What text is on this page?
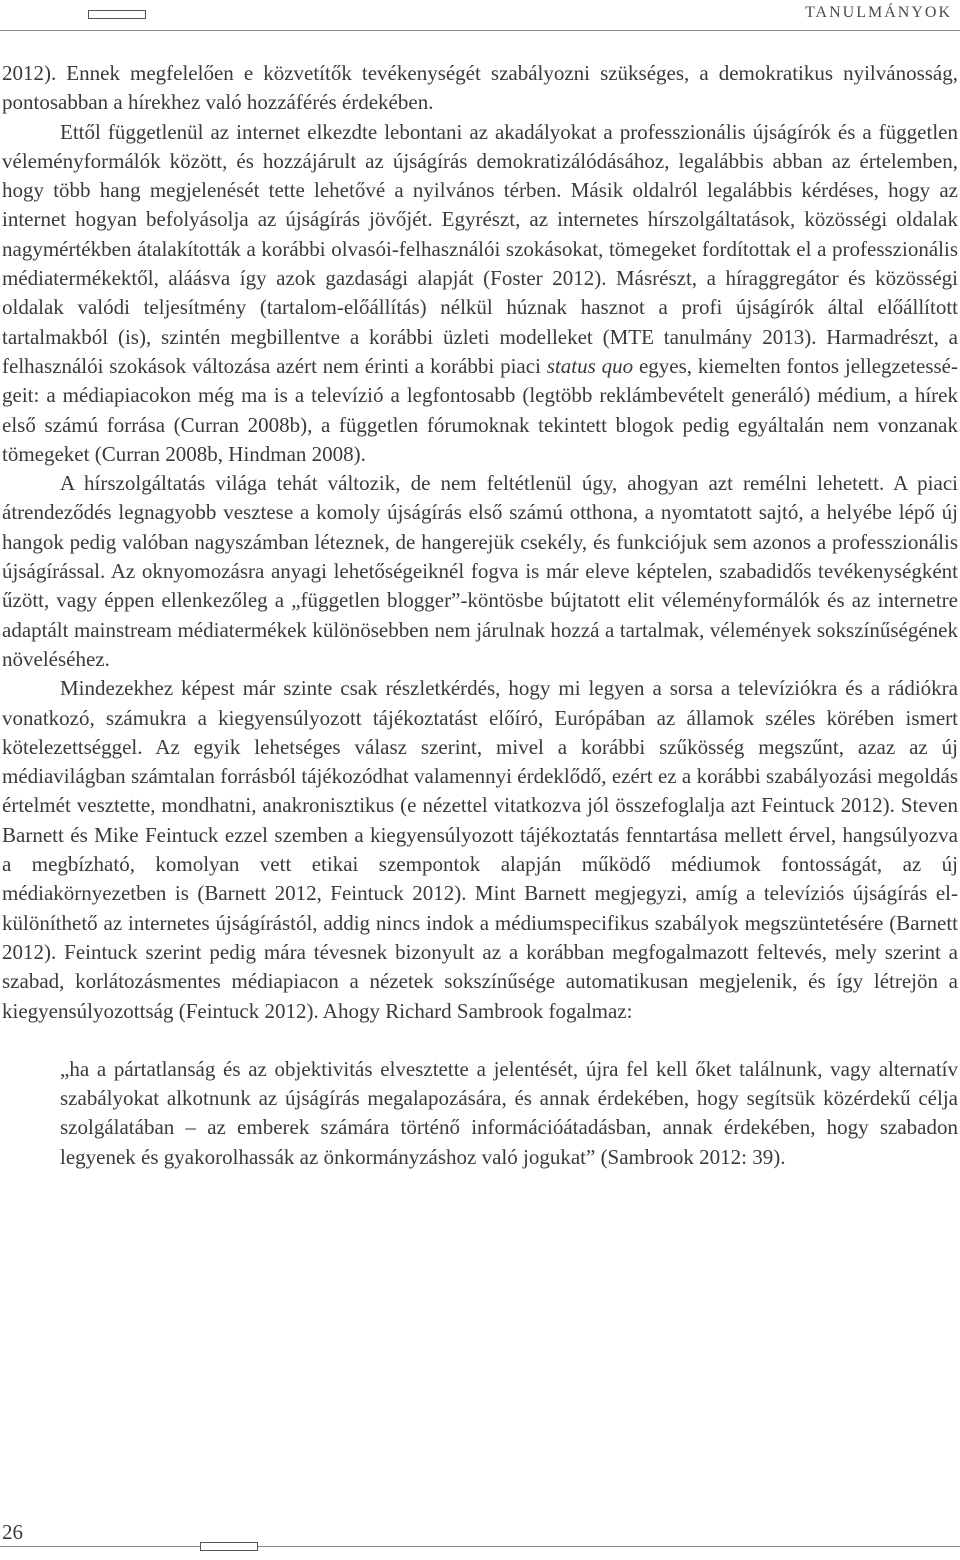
TANULMÁNYOK

2012). Ennek megfelelően e közvetítők tevékenységét szabályozni szükséges, a demokratikus nyilvánosság, pontosabban a hírekhez való hozzáférés érdekében.

Ettől függetlenül az internet elkezdte lebontani az akadályokat a professzionális újságírók és a független véleményformálók között, és hozzájárult az újságírás demokratizálódásához, legalábbis abban az értelemben, hogy több hang megjelenését tette lehetővé a nyilvános térben. Másik oldalról legalábbis kérdéses, hogy az internet hogyan befolyásolja az újságírás jövőjét. Egyrészt, az internetes hírszolgáltatások, közösségi oldalak nagymértékben átalakították a korábbi olvasói-felhasználói szokásokat, tömegeket fordítottak el a professzionális médiatermékektől, aláásva így azok gazdasági alapját (Foster 2012). Másrészt, a híraggregátor és közösségi oldalak valódi teljesítmény (tartalom-előállítás) nélkül húznak hasznot a profi újságírók által előállított tartalmakból (is), szintén megbillentve a korábbi üzleti modelleket (MTE tanulmány 2013). Harmadrészt, a felhasználói szokások változása azért nem érinti a korábbi piaci status quo egyes, kiemelten fontos jellegzetességeit: a médiapiacokon még ma is a televízió a legfontosabb (legtöbb reklámbevételt generáló) médium, a hírek első számú forrása (Curran 2008b), a független fórumoknak tekintett blogok pedig egyáltalán nem vonzanak tömegeket (Curran 2008b, Hindman 2008).

A hírszolgáltatás világa tehát változik, de nem feltétlenül úgy, ahogyan azt remélni lehetett. A piaci átrendeződés legnagyobb vesztese a komoly újságírás első számú otthona, a nyomtatott sajtó, a helyébe lépő új hangok pedig valóban nagyszámban léteznek, de hangerejük csekély, és funkciójuk sem azonos a professzionális újságírással. Az oknyomozásra anyagi lehetőségeiknél fogva is már eleve képtelen, szabadidős tevékenységként űzött, vagy éppen ellenkezőleg a „független blogger”-köntösbe bújtatott elit véleményformálók és az internetre adaptált mainstream médiatermékek különösebben nem járulnak hozzá a tartalmak, vélemények sokszínűségének növeléséhez.

Mindezekhez képest már szinte csak részletkérdés, hogy mi legyen a sorsa a televíziókra és a rádiókra vonatkozó, számukra a kiegyensúlyozott tájékoztatást előíró, Európában az államok széles körében ismert kötelezettséggel. Az egyik lehetséges válasz szerint, mivel a korábbi szűkösség megszűnt, azaz az új médiavilágban számtalan forrásból tájékozódhat valamennyi érdeklődő, ezért ez a korábbi szabályozási megoldás értelmét vesztette, mondhatni, anakronisztikus (e nézettel vitatkozva jól összefoglalja azt Feintuck 2012). Steven Barnett és Mike Feintuck ezzel szemben a kiegyensúlyozott tájékoztatás fenntartása mellett érvel, hangsúlyozva a megbízható, komolyan vett etikai szempontok alapján működő médiumok fontosságát, az új médiakörnyezetben is (Barnett 2012, Feintuck 2012). Mint Barnett megjegyzi, amíg a televíziós újságírás elkülöníthető az internetes újságírástól, addig nincs indok a médiumspecifikus szabályok megszüntetésére (Barnett 2012). Feintuck szerint pedig mára tévesnek bizonyult az a korábban megfogalmazott feltevés, mely szerint a szabad, korlátozásmentes médiapiacon a nézetek sokszínűsége automatikusan megjelenik, és így létrejön a kiegyensúlyozottság (Feintuck 2012). Ahogy Richard Sambrook fogalmaz:

„ha a pártatlanság és az objektivitás elvesztette a jelentését, újra fel kell őket találnunk, vagy alternatív szabályokat alkotnunk az újságírás megalapozására, és annak érdekében, hogy segítsük közérdekű célja szolgálatában – az emberek számára történő információátadásban, annak érdekében, hogy szabadon legyenek és gyakorolhassák az önkormányzáshoz való jogukat” (Sambrook 2012: 39).

26
